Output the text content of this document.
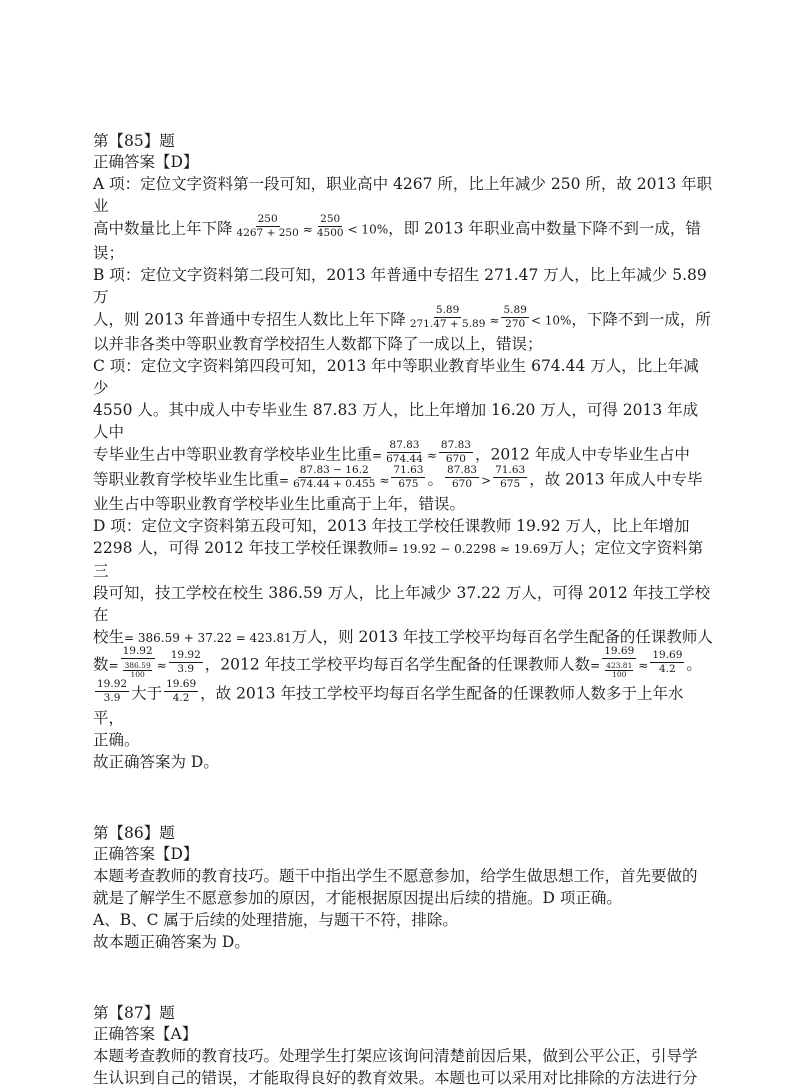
第【85】题
正确答案【D】
A 项：定位文字资料第一段可知，职业高中 4267 所，比上年减少 250 所，故 2013 年职业
高中数量比上年下降 $\frac{250}{4267 + 250} \approx \frac{250}{4500} < 10\%$，即 2013 年职业高中数量下降不到一成，错
误；
B 项：定位文字资料第二段可知，2013 年普通中专招生 271.47 万人，比上年减少 5.89 万
人，则 2013 年普通中专招生人数比上年下降 $\frac{5.89}{271.47 + 5.89} \approx \frac{5.89}{270} < 10\%$，下降不到一成，所
以并非各类中等职业教育学校招生人数都下降了一成以上，错误；
C 项：定位文字资料第四段可知，2013 年中等职业教育毕业生 674.44 万人，比上年减少
4550 人。其中成人中专毕业生 87.83 万人，比上年增加 16.20 万人，可得 2013 年成人中
专毕业生占中等职业教育学校毕业生比重= $\frac{87.83}{674.44} \approx \frac{87.83}{670}$ ，2012 年成人中专毕业生占中
等职业教育学校毕业生比重= $\frac{87.83 - 16.2}{674.44 + 0.455} \approx \frac{71.63}{675}$ 。 $\frac{87.83}{670} > \frac{71.63}{675}$ ，故 2013 年成人中专毕
业生占中等职业教育学校毕业生比重高于上年，错误。
D 项：定位文字资料第五段可知，2013 年技工学校任课教师 19.92 万人，比上年增加
2298 人，可得 2012 年技工学校任课教师= 19.92 − 0.2298 ≈ 19.69万人；定位文字资料第三
段可知，技工学校在校生 386.59 万人，比上年减少 37.22 万人，可得 2012 年技工学校在
校生= 386.59 + 37.22 = 423.81万人，则 2013 年技工学校平均每百名学生配备的任课教师人
数= $\frac{19.92}{\frac{386.59}{100}} \approx \frac{19.92}{3.9}$ ，2012 年技工学校平均每百名学生配备的任课教师人数= $\frac{19.69}{\frac{423.81}{100}} \approx \frac{19.69}{4.2}$ 。

$\frac{19.92}{3.9}$ 大于 $\frac{19.69}{4.2}$ ，故 2013 年技工学校平均每百名学生配备的任课教师人数多于上年水平，
正确。
故正确答案为 D。
第【86】题
正确答案【D】
本题考查教师的教育技巧。题干中指出学生不愿意参加，给学生做思想工作，首先要做的
就是了解学生不愿意参加的原因，才能根据原因提出后续的措施。D 项正确。
A、B、C 属于后续的处理措施，与题干不符，排除。
故本题正确答案为 D。
第【87】题
正确答案【A】
本题考查教师的教育技巧。处理学生打架应该询问清楚前因后果，做到公平公正，引导学
生认识到自己的错误，才能取得良好的教育效果。本题也可以采用对比排除的方法进行分
